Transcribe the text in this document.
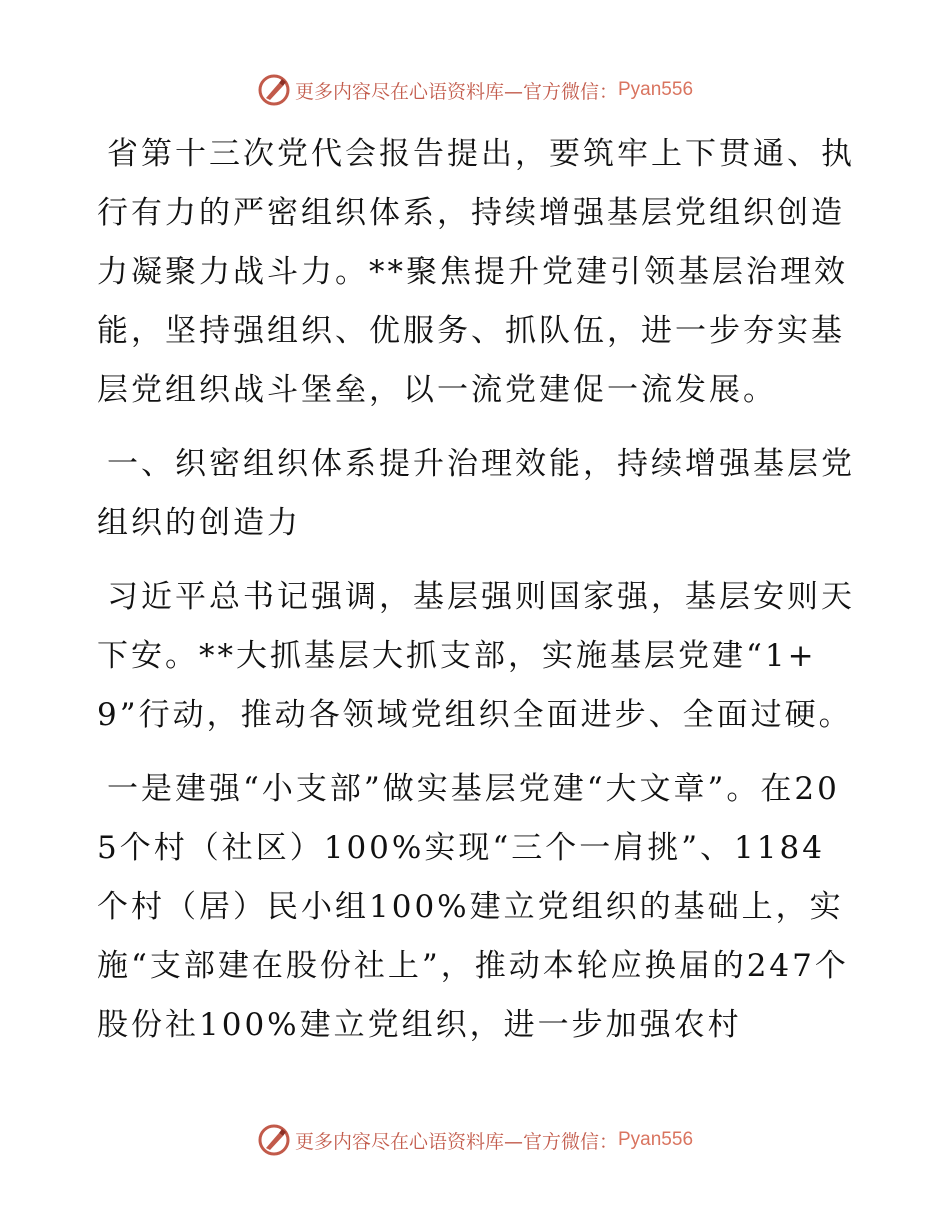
更多内容尽在心语资料库—官方微信： Pyan556

省第十三次党代会报告提出，要筑牢上下贯通、执行有力的严密组织体系，持续增强基层党组织创造力凝聚力战斗力。**聚焦提升党建引领基层治理效能，坚持强组织、优服务、抓队伍，进一步夯实基层党组织战斗堡垒，以一流党建促一流发展。

一、织密组织体系提升治理效能，持续增强基层党组织的创造力

习近平总书记强调，基层强则国家强，基层安则天下安。**大抓基层大抓支部，实施基层党建“1+9”行动，推动各领域党组织全面进步、全面过硬。

一是建强“小支部”做实基层党建“大文章”。在205个村（社区）100%实现“三个一肩挑”、1184个村（居）民小组100%建立党组织的基础上，实施“支部建在股份社上”，推动本轮应换届的247个股份社100%建立党组织，进一步加强农村

更多内容尽在心语资料库—官方微信： Pyan556
